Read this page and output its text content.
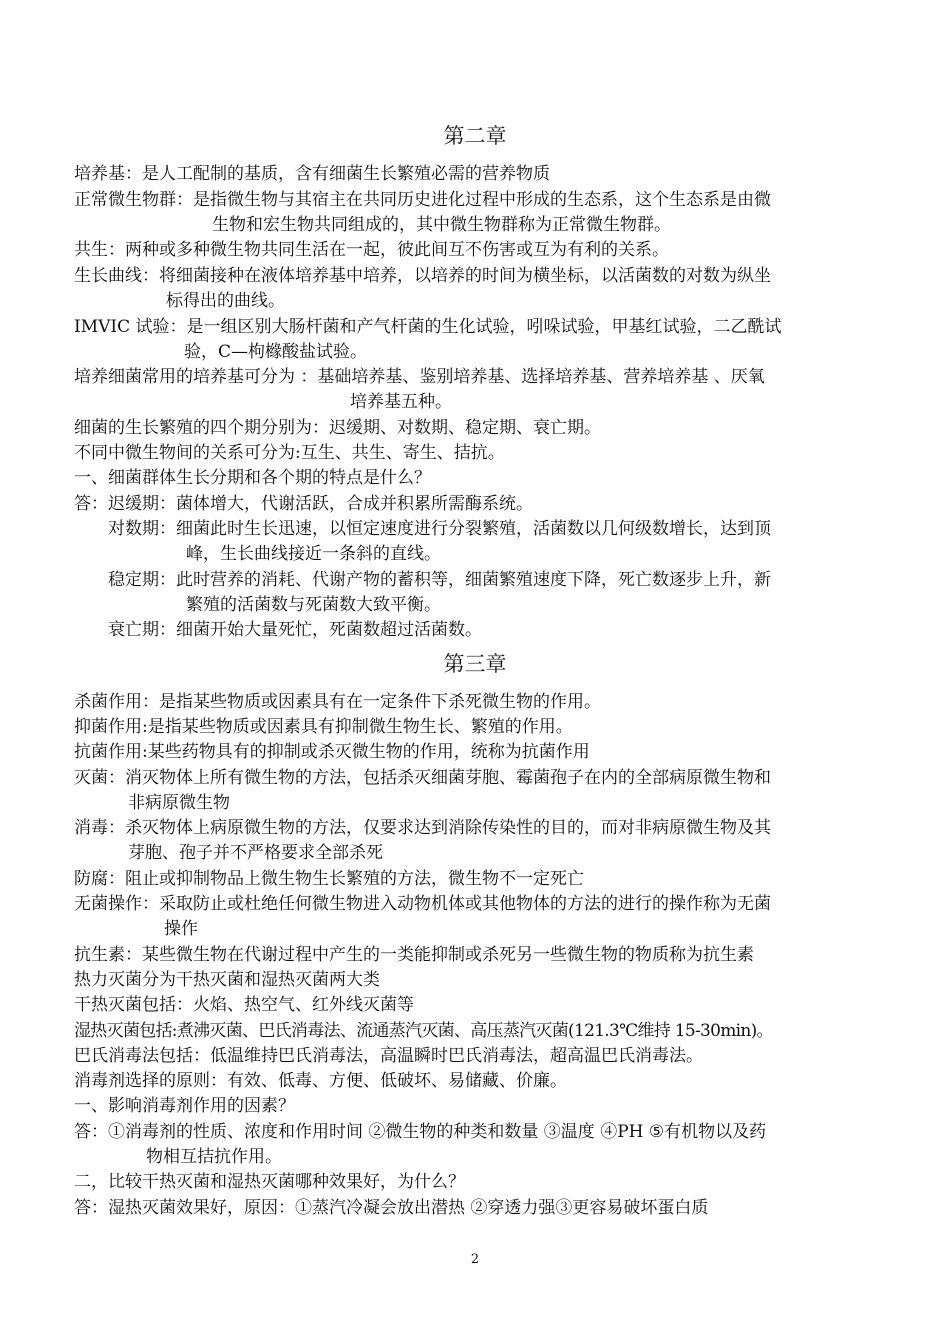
第二章
培养基：是人工配制的基质，含有细菌生长繁殖必需的营养物质
正常微生物群：是指微生物与其宿主在共同历史进化过程中形成的生态系，这个生态系是由微
生物和宏生物共同组成的，其中微生物群称为正常微生物群。
共生：两种或多种微生物共同生活在一起，彼此间互不伤害或互为有利的关系。
生长曲线：将细菌接种在液体培养基中培养，以培养的时间为横坐标，以活菌数的对数为纵坐
标得出的曲线。
IMVIC 试验：是一组区别大肠杆菌和产气杆菌的生化试验，吲哚试验，甲基红试验，二乙酰试
验，C—枸橼酸盐试验。
培养细菌常用的培养基可分为 ：基础培养基、鉴别培养基、选择培养基、营养培养基 、厌氧
培养基五种。
细菌的生长繁殖的四个期分别为：迟缓期、对数期、稳定期、衰亡期。
不同中微生物间的关系可分为:互生、共生、寄生、拮抗。
一、细菌群体生长分期和各个期的特点是什么？
答：迟缓期：菌体增大，代谢活跃，合成并积累所需酶系统。
对数期：细菌此时生长迅速，以恒定速度进行分裂繁殖，活菌数以几何级数增长，达到顶
峰，生长曲线接近一条斜的直线。
稳定期：此时营养的消耗、代谢产物的蓄积等，细菌繁殖速度下降，死亡数逐步上升，新
繁殖的活菌数与死菌数大致平衡。
衰亡期：细菌开始大量死忙，死菌数超过活菌数。
第三章
杀菌作用：是指某些物质或因素具有在一定条件下杀死微生物的作用。
抑菌作用:是指某些物质或因素具有抑制微生物生长、繁殖的作用。
抗菌作用:某些药物具有的抑制或杀灭微生物的作用，统称为抗菌作用
灭菌：消灭物体上所有微生物的方法，包括杀灭细菌芽胞、霉菌孢子在内的全部病原微生物和
非病原微生物
消毒：杀灭物体上病原微生物的方法，仅要求达到消除传染性的目的，而对非病原微生物及其
芽胞、孢子并不严格要求全部杀死
防腐：阻止或抑制物品上微生物生长繁殖的方法，微生物不一定死亡
无菌操作：采取防止或杜绝任何微生物进入动物机体或其他物体的方法的进行的操作称为无菌
操作
抗生素：某些微生物在代谢过程中产生的一类能抑制或杀死另一些微生物的物质称为抗生素
热力灭菌分为干热灭菌和湿热灭菌两大类
干热灭菌包括：火焰、热空气、红外线灭菌等
湿热灭菌包括:煮沸灭菌、巴氏消毒法、流通蒸汽灭菌、高压蒸汽灭菌(121.3℃维持 15-30min)。
巴氏消毒法包括：低温维持巴氏消毒法，高温瞬时巴氏消毒法，超高温巴氏消毒法。
消毒剂选择的原则：有效、低毒、方便、低破坏、易储藏、价廉。
一、影响消毒剂作用的因素？
答：①消毒剂的性质、浓度和作用时间 ②微生物的种类和数量 ③温度 ④PH ⑤有机物以及药
物相互拮抗作用。
二，比较干热灭菌和湿热灭菌哪种效果好，为什么？
答：湿热灭菌效果好，原因：①蒸汽冷凝会放出潜热 ②穿透力强③更容易破坏蛋白质
2
